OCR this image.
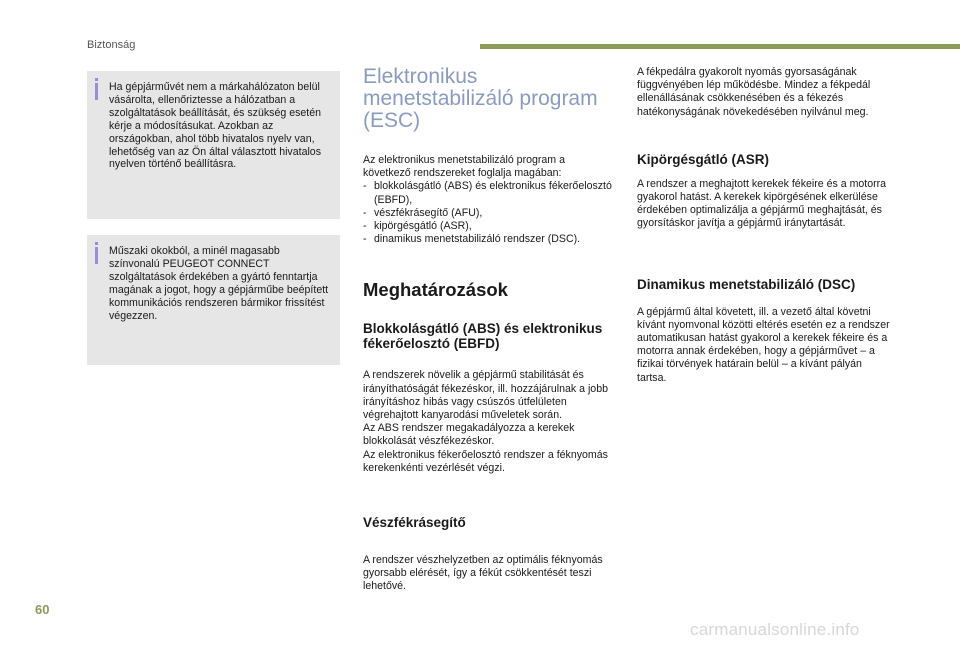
Biztonság

Ha gépjárművét nem a márkahálózaton belül vásárolta, ellenőriztesse a hálózatban a szolgáltatások beállítását, és szükség esetén kérje a módosításukat. Azokban az országokban, ahol több hivatalos nyelv van, lehetőség van az Ön által választott hivatalos nyelven történő beállításra.

Műszaki okokból, a minél magasabb színvonalú PEUGEOT CONNECT szolgáltatások érdekében a gyártó fenntartja magának a jogot, hogy a gépjárműbe beépített kommunikációs rendszeren bármikor frissítést végezzen.

Elektronikus menetstabilizáló program (ESC)

Az elektronikus menetstabilizáló program a következő rendszereket foglalja magában:

- blokkolásgátló (ABS) és elektronikus fékerőelosztó (EBFD),
- vészfékrásegítő (AFU),
- kipörgésgátló (ASR),
- dinamikus menetstabilizáló rendszer (DSC).
Meghatározások
Blokkolásgátló (ABS) és elektronikus fékerőelosztó (EBFD)

A rendszerek növelik a gépjármű stabilitását és irányíthatóságát fékezéskor, ill. hozzájárulnak a jobb irányításhoz hibás vagy csúszós útfelületen végrehajtott kanyarodási műveletek során.

Az ABS rendszer megakadályozza a kerekek blokkolását vészfékezéskor.

Az elektronikus fékerőelosztó rendszer a féknyomás kerekenkénti vezérlését végzi.

Vészfékrásegítő

A rendszer vészhelyzetben az optimális féknyomás gyorsabb elérését, így a fékút csökkentését teszi lehetővé.

A fékpedálra gyakorolt nyomás gyorsaságának függvényében lép működésbe. Mindez a fékpedál ellenállásának csökkenésében és a fékezés hatékonyságának növekedésében nyilvánul meg.

Kipörgésgátló (ASR)

A rendszer a meghajtott kerekek fékeire és a motorra gyakorol hatást. A kerekek kipörgésének elkerülése érdekében optimalizálja a gépjármű meghajtását, és gyorsításkor javítja a gépjármű iránytartását.

Dinamikus menetstabilizáló (DSC)

A gépjármű által követett, ill. a vezető által követni kívánt nyomvonal közötti eltérés esetén ez a rendszer automatikusan hatást gyakorol a kerekek fékeire és a motorra annak érdekében, hogy a gépjárművet – a fizikai törvények határain belül – a kívánt pályán tartsa.

60
carmanualsonline.info
